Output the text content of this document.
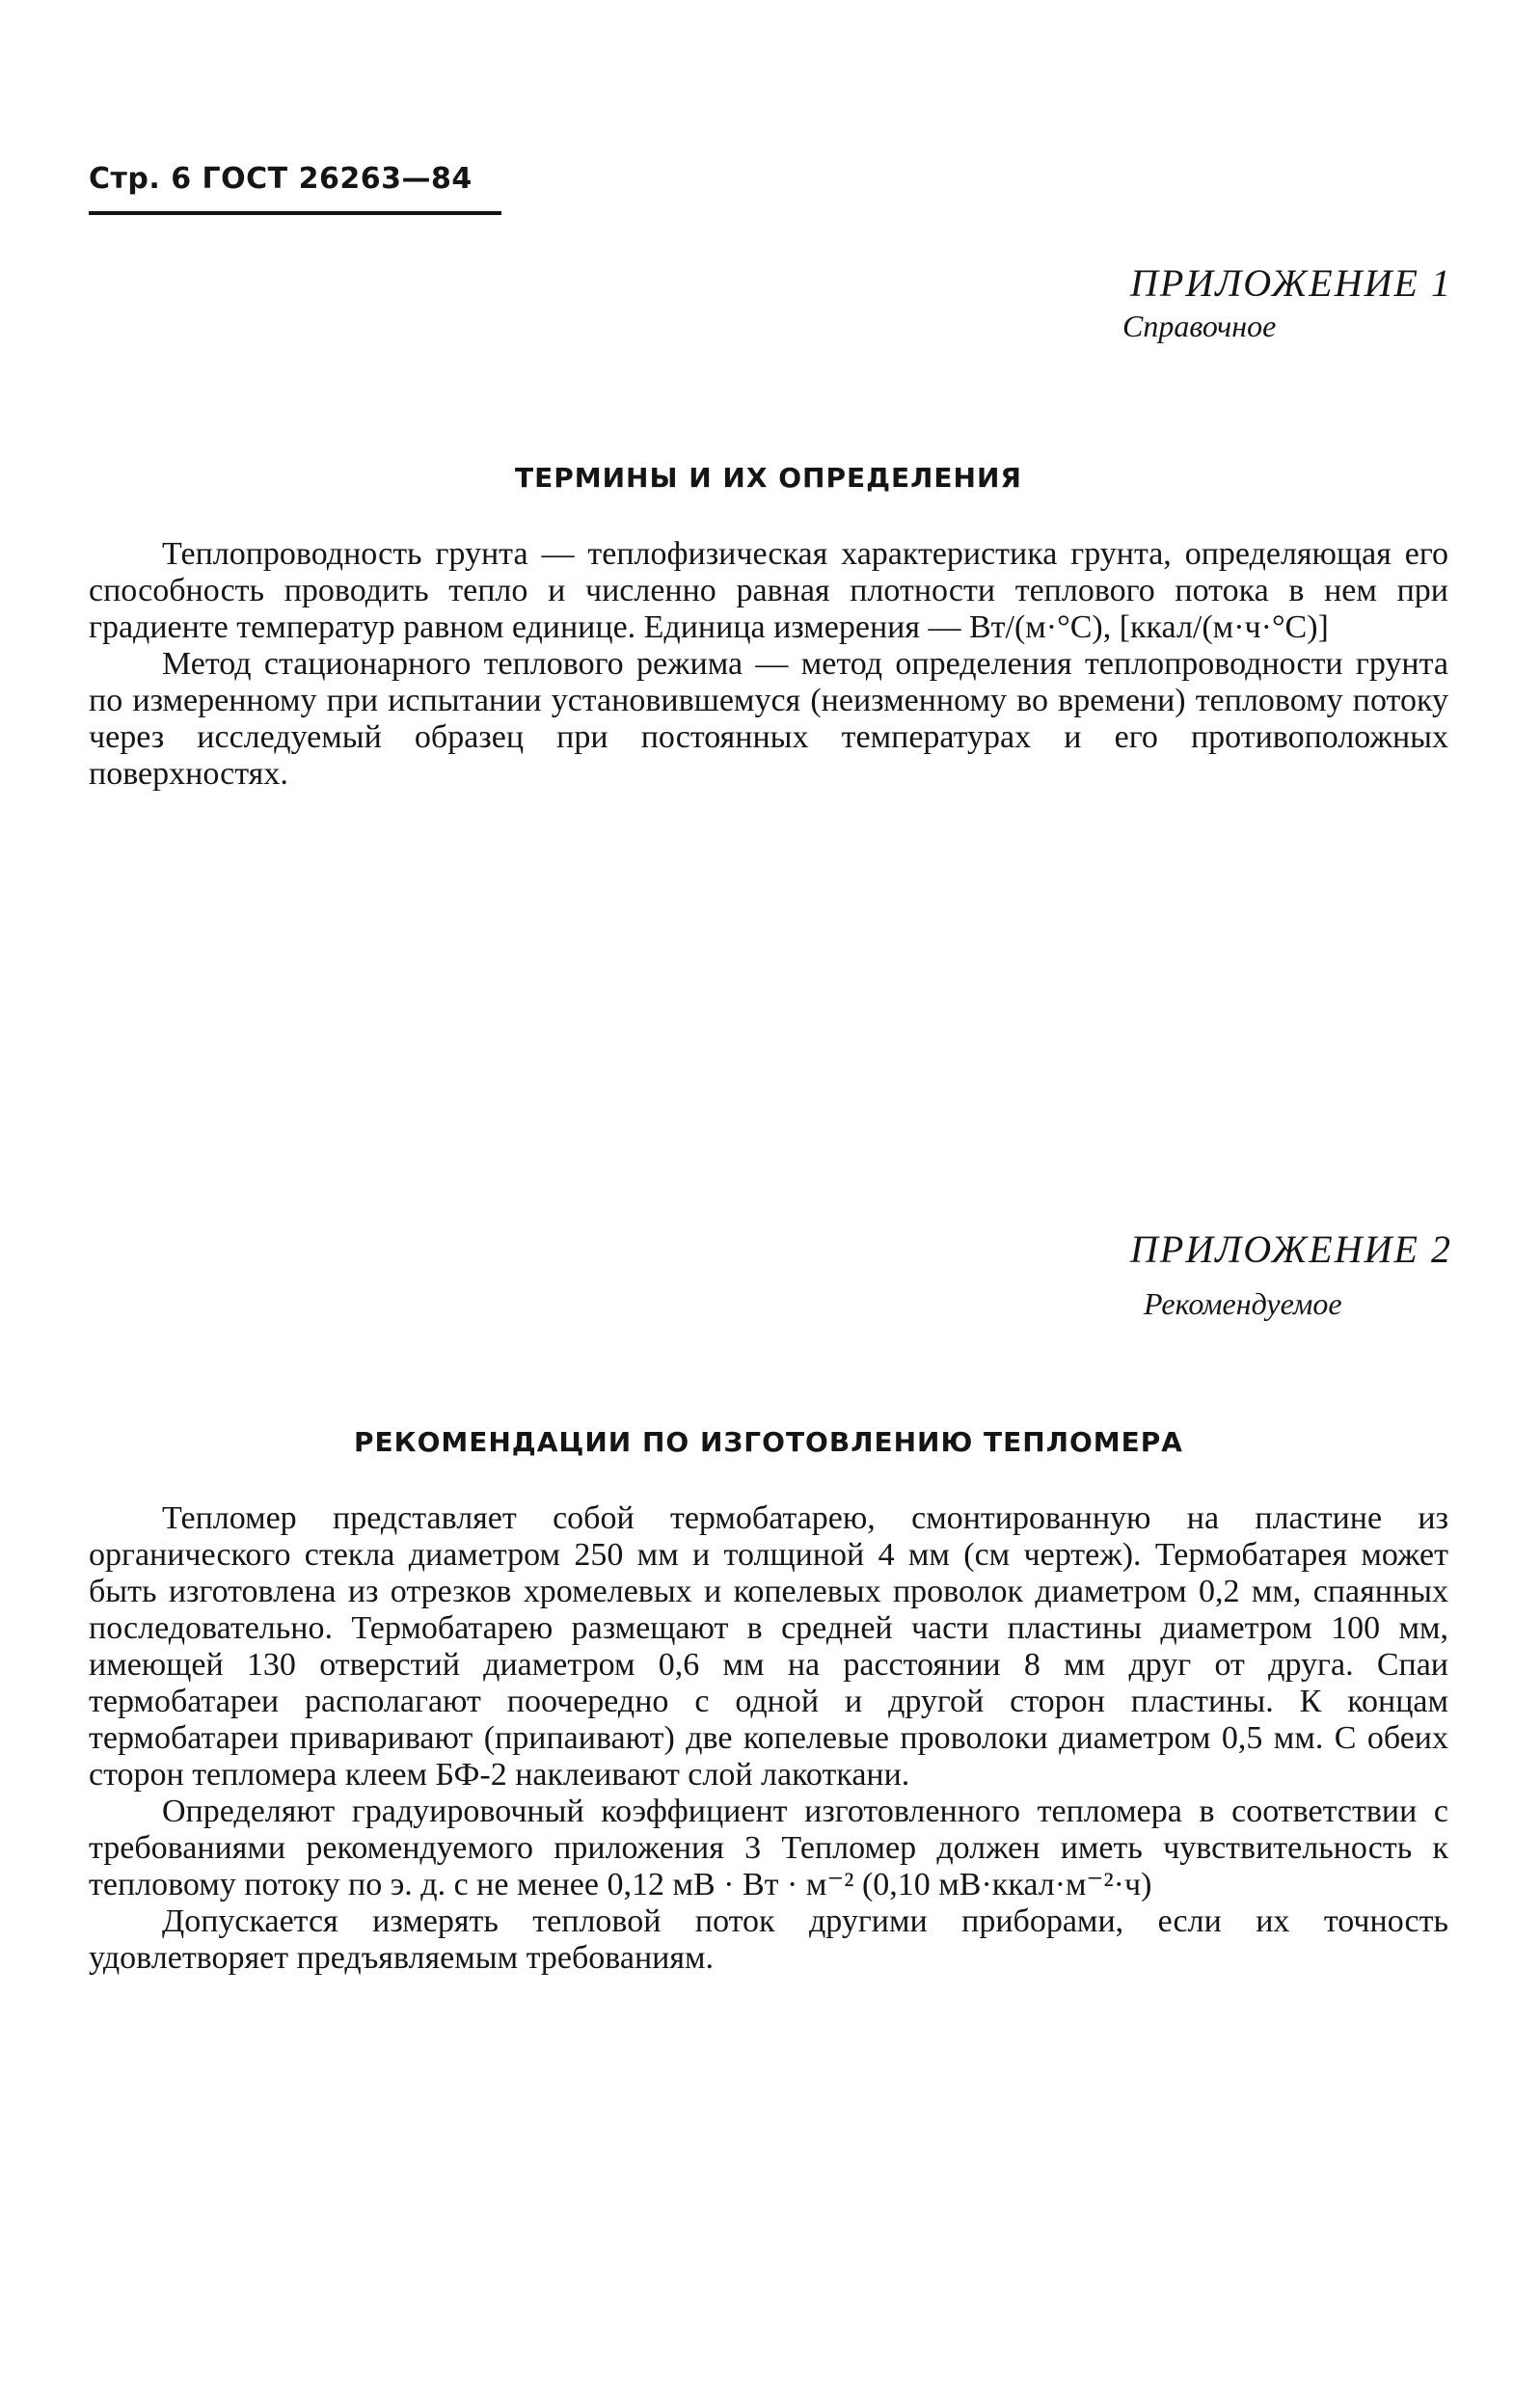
Стр. 6 ГОСТ 26263—84
ПРИЛОЖЕНИЕ 1
Справочное
ТЕРМИНЫ И ИХ ОПРЕДЕЛЕНИЯ

Теплопроводность грунта — теплофизическая характеристика грунта, определяющая его способность проводить тепло и численно равная плотности теплового потока в нем при градиенте температур равном единице. Единица измерения — Вт/(м·°С), [ккал/(м·ч·°С)]

Метод стационарного теплового режима — метод определения теплопроводности грунта по измеренному при испытании установившемуся (неизменному во времени) тепловому потоку через исследуемый образец при постоянных температурах и его противоположных поверхностях.

ПРИЛОЖЕНИЕ 2
Рекомендуемое
РЕКОМЕНДАЦИИ ПО ИЗГОТОВЛЕНИЮ ТЕПЛОМЕРА

Тепломер представляет собой термобатарею, смонтированную на пластине из органического стекла диаметром 250 мм и толщиной 4 мм (см чертеж). Термобатарея может быть изготовлена из отрезков хромелевых и копелевых проволок диаметром 0,2 мм, спаянных последовательно. Термобатарею размещают в средней части пластины диаметром 100 мм, имеющей 130 отверстий диаметром 0,6 мм на расстоянии 8 мм друг от друга. Спаи термобатареи располагают поочередно с одной и другой сторон пластины. К концам термобатареи приваривают (припаивают) две копелевые проволоки диаметром 0,5 мм. С обеих сторон тепломера клеем БФ-2 наклеивают слой лакоткани.

Определяют градуировочный коэффициент изготовленного тепломера в соответствии с требованиями рекомендуемого приложения 3 Тепломер должен иметь чувствительность к тепловому потоку по э. д. с не менее 0,12 мВ · Вт · м⁻² (0,10 мВ·ккал·м⁻²·ч)

Допускается измерять тепловой поток другими приборами, если их точность удовлетворяет предъявляемым требованиям.
